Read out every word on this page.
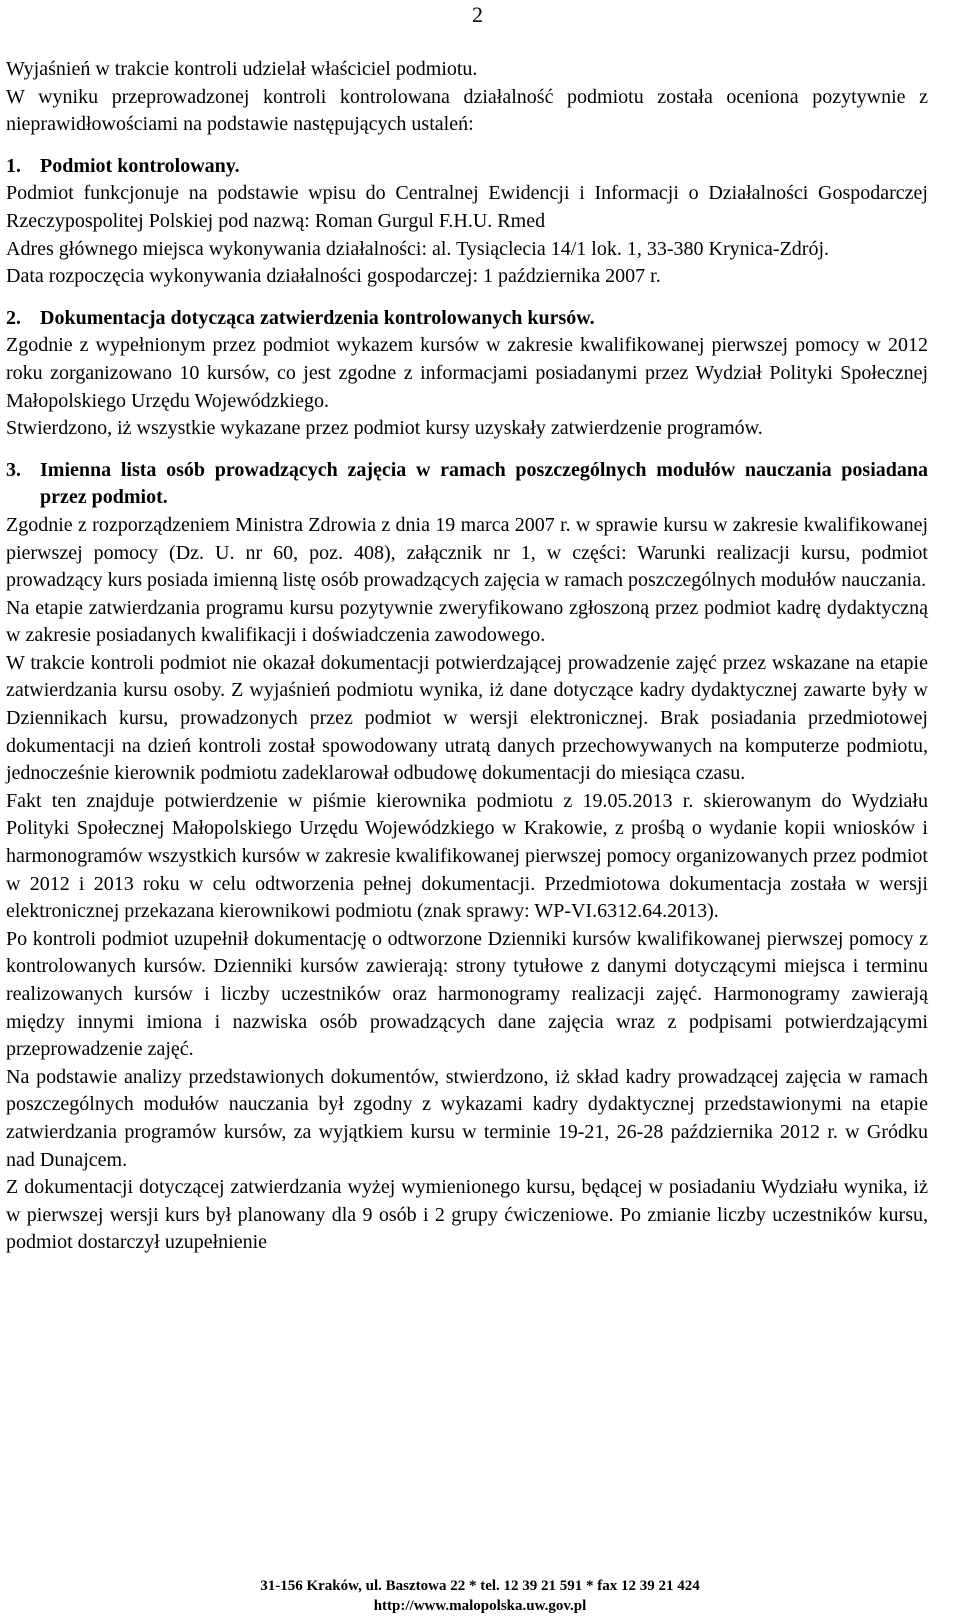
2

Wyjaśnień w trakcie kontroli udzielał właściciel podmiotu.

W wyniku przeprowadzonej kontroli kontrolowana działalność podmiotu została oceniona pozytywnie z nieprawidłowościami na podstawie następujących ustaleń:

1. Podmiot kontrolowany.

Podmiot funkcjonuje na podstawie wpisu do Centralnej Ewidencji i Informacji o Działalności Gospodarczej Rzeczypospolitej Polskiej pod nazwą: Roman Gurgul F.H.U. Rmed

Adres głównego miejsca wykonywania działalności: al. Tysiąclecia 14/1 lok. 1, 33-380 Krynica-Zdrój.

Data rozpoczęcia wykonywania działalności gospodarczej: 1 października 2007 r.

2. Dokumentacja dotycząca zatwierdzenia kontrolowanych kursów.

Zgodnie z wypełnionym przez podmiot wykazem kursów w zakresie kwalifikowanej pierwszej pomocy w 2012 roku zorganizowano 10 kursów, co jest zgodne z informacjami posiadanymi przez Wydział Polityki Społecznej Małopolskiego Urzędu Wojewódzkiego.

Stwierdzono, iż wszystkie wykazane przez podmiot kursy uzyskały zatwierdzenie programów.

3. Imienna lista osób prowadzących zajęcia w ramach poszczególnych modułów nauczania posiadana przez podmiot.

Zgodnie z rozporządzeniem Ministra Zdrowia z dnia 19 marca 2007 r. w sprawie kursu w zakresie kwalifikowanej pierwszej pomocy (Dz. U. nr 60, poz. 408), załącznik nr 1, w części: Warunki realizacji kursu, podmiot prowadzący kurs posiada imienną listę osób prowadzących zajęcia w ramach poszczególnych modułów nauczania.

Na etapie zatwierdzania programu kursu pozytywnie zweryfikowano zgłoszoną przez podmiot kadrę dydaktyczną w zakresie posiadanych kwalifikacji i doświadczenia zawodowego.

W trakcie kontroli podmiot nie okazał dokumentacji potwierdzającej prowadzenie zajęć przez wskazane na etapie zatwierdzania kursu osoby. Z wyjaśnień podmiotu wynika, iż dane dotyczące kadry dydaktycznej zawarte były w Dziennikach kursu, prowadzonych przez podmiot w wersji elektronicznej. Brak posiadania przedmiotowej dokumentacji na dzień kontroli został spowodowany utratą danych przechowywanych na komputerze podmiotu, jednocześnie kierownik podmiotu zadeklarował odbudowę dokumentacji do miesiąca czasu.

Fakt ten znajduje potwierdzenie w piśmie kierownika podmiotu z 19.05.2013 r. skierowanym do Wydziału Polityki Społecznej Małopolskiego Urzędu Wojewódzkiego w Krakowie, z prośbą o wydanie kopii wniosków i harmonogramów wszystkich kursów w zakresie kwalifikowanej pierwszej pomocy organizowanych przez podmiot w 2012 i 2013 roku w celu odtworzenia pełnej dokumentacji. Przedmiotowa dokumentacja została w wersji elektronicznej przekazana kierownikowi podmiotu (znak sprawy: WP-VI.6312.64.2013).

Po kontroli podmiot uzupełnił dokumentację o odtworzone Dzienniki kursów kwalifikowanej pierwszej pomocy z kontrolowanych kursów. Dzienniki kursów zawierają: strony tytułowe z danymi dotyczącymi miejsca i terminu realizowanych kursów i liczby uczestników oraz harmonogramy realizacji zajęć. Harmonogramy zawierają między innymi imiona i nazwiska osób prowadzących dane zajęcia wraz z podpisami potwierdzającymi przeprowadzenie zajęć.

Na podstawie analizy przedstawionych dokumentów, stwierdzono, iż skład kadry prowadzącej zajęcia w ramach poszczególnych modułów nauczania był zgodny z wykazami kadry dydaktycznej przedstawionymi na etapie zatwierdzania programów kursów, za wyjątkiem kursu w terminie 19-21, 26-28 października 2012 r. w Gródku nad Dunajcem.

Z dokumentacji dotyczącej zatwierdzania wyżej wymienionego kursu, będącej w posiadaniu Wydziału wynika, iż w pierwszej wersji kurs był planowany dla 9 osób i 2 grupy ćwiczeniowe. Po zmianie liczby uczestników kursu, podmiot dostarczył uzupełnienie

31-156 Kraków, ul. Basztowa 22 * tel. 12 39 21 591 * fax 12 39 21 424
http://www.malopolska.uw.gov.pl
